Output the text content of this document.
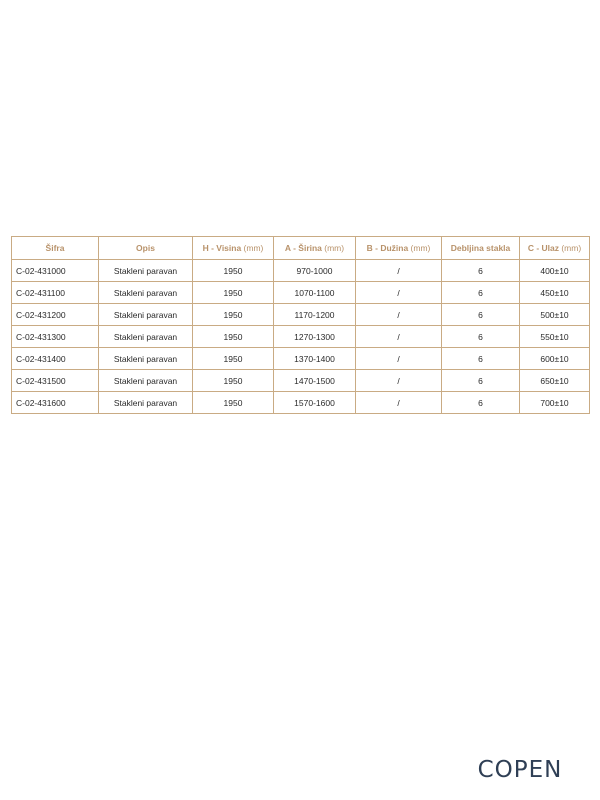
Šifra	Opis	H - Visina (mm)	A - Širina (mm)	B - Dužina (mm)	Debljina stakla	C - Ulaz (mm)
C-02-431000	Stakleni paravan	1950	970-1000	/	6	400±10
C-02-431100	Stakleni paravan	1950	1070-1100	/	6	450±10
C-02-431200	Stakleni paravan	1950	1170-1200	/	6	500±10
C-02-431300	Stakleni paravan	1950	1270-1300	/	6	550±10
C-02-431400	Stakleni paravan	1950	1370-1400	/	6	600±10
C-02-431500	Stakleni paravan	1950	1470-1500	/	6	650±10
C-02-431600	Stakleni paravan	1950	1570-1600	/	6	700±10
COPEN
